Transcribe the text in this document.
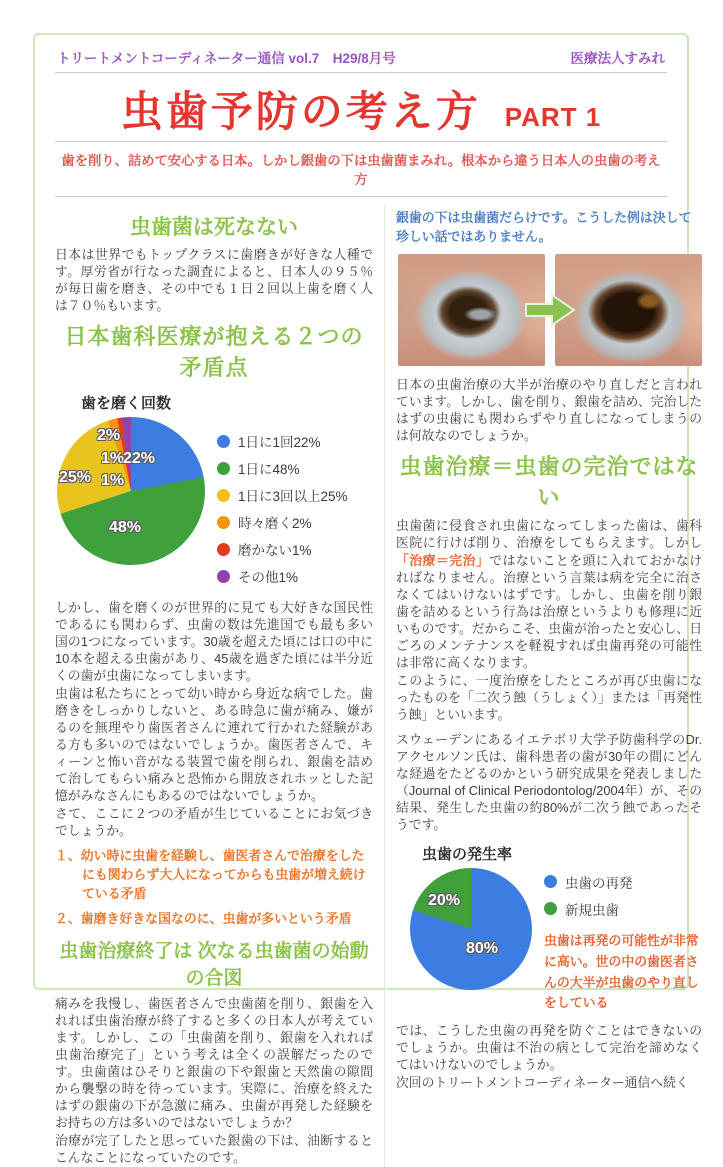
トリートメントコーディネーター通信 vol.7　H29/8月号	医療法人すみれ
虫歯予防の考え方 PART 1
歯を削り、詰めて安心する日本。しかし銀歯の下は虫歯菌まみれ。根本から違う日本人の虫歯の考え方
虫歯菌は死なない

日本は世界でもトップクラスに歯磨きが好きな人種です。厚労省が行なった調査によると、日本人の９５％が毎日歯を磨き、その中でも１日２回以上歯を磨く人は７０％もいます。

日本歯科医療が抱える２つの矛盾点
歯を磨く回数
2%
1%
22%
25% 1%
48%
1日に1回22%
1日に48%
1日に3回以上25%
時々磨く2%
磨かない1%
その他1%

しかし、歯を磨くのが世界的に見ても大好きな国民性であるにも関わらず、虫歯の数は先進国でも最も多い国の1つになっています。30歳を超えた頃には口の中に10本を超える虫歯があり、45歳を過ぎた頃には半分近くの歯が虫歯になってしまいます。

虫歯は私たちにとって幼い時から身近な病でした。歯磨きをしっかりしないと、ある時急に歯が痛み、嫌がるのを無理やり歯医者さんに連れて行かれた経験がある方も多いのではないでしょうか。歯医者さんで、キィーンと怖い音がなる装置で歯を削られ、銀歯を詰めて治してもらい痛みと恐怖から開放されホッとした記憶がみなさんにもあるのではないでしょうか。

さて、ここに２つの矛盾が生じていることにお気づきでしょうか。

１、幼い時に虫歯を経験し、歯医者さんで治療をしたにも関わらず大人になってからも虫歯が増え続けている矛盾

２、歯磨き好きな国なのに、虫歯が多いという矛盾

虫歯治療終了は 次なる虫歯菌の始動の合図

痛みを我慢し、歯医者さんで虫歯菌を削り、銀歯を入れれば虫歯治療が終了すると多くの日本人が考えています。しかし、この「虫歯菌を削り、銀歯を入れれば虫歯治療完了」という考えは全くの誤解だったのです。虫歯菌はひそりと銀歯の下や銀歯と天然歯の隙間から襲撃の時を待っています。実際に、治療を終えたはずの銀歯の下が急激に痛み、虫歯が再発した経験をお持ちの方は多いのではないでしょうか？

治療が完了したと思っていた銀歯の下は、油断するとこんなことになっていたのです。

銀歯の下は虫歯菌だらけです。こうした例は決して珍しい話ではありません。

日本の虫歯治療の大半が治療のやり直しだと言われています。しかし、歯を削り、銀歯を詰め、完治したはずの虫歯にも関わらずやり直しになってしまうのは何故なのでしょうか。

虫歯治療＝虫歯の完治ではない

虫歯菌に侵食され虫歯になってしまった歯は、歯科医院に行けば削り、治療をしてもらえます。しかし「治療＝完治」ではないことを頭に入れておかなければなりません。治療という言葉は病を完全に治さなくてはいけないはずです。しかし、虫歯を削り銀歯を詰めるという行為は治療というよりも修理に近いものです。だからこそ、虫歯が治ったと安心し、日ごろのメンテナンスを軽視すれば虫歯再発の可能性は非常に高くなります。

このように、一度治療をしたところが再び虫歯になったものを「二次う蝕（うしょく）」または「再発性う蝕」といいます。

スウェーデンにあるイエテボリ大学予防歯科学のDr.アクセルソン氏は、歯科患者の歯が30年の間にどんな経過をたどるのかという研究成果を発表しました（Journal of Clinical Periodontolog/2004年）が、その結果、発生した虫歯の約80%が二次う蝕であったそうです。

虫歯の発生率
20%
80%
虫歯の再発
新規虫歯
虫歯は再発の可能性が非常に高い。世の中の歯医者さんの大半が虫歯のやり直しをしている

では、こうした虫歯の再発を防ぐことはできないのでしょうか。虫歯は不治の病として完治を諦めなくてはいけないのでしょうか。

次回のトリートメントコーディネーター通信へ続く
